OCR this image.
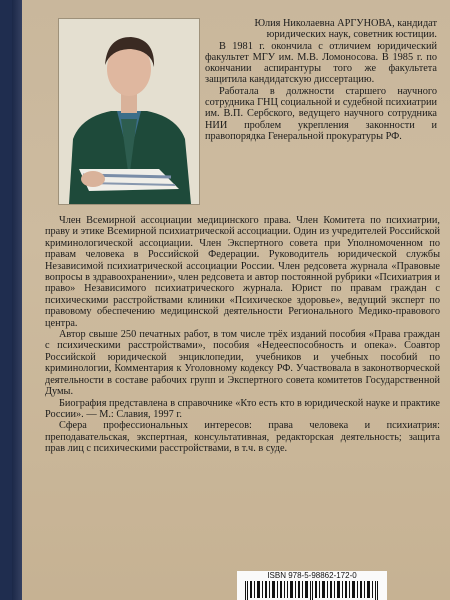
Юлия Николаевна АРГУНОВА, кандидат юридических наук, советник юстиции.

В 1981 г. окончила с отличием юридический факультет МГУ им. М.В. Ломоносова. В 1985 г. по окончании аспирантуры того же факультета защитила кандидатскую диссертацию.

Работала в должности старшего научного сотрудника ГНЦ социальной и судебной психиатрии им. В.П. Сербского, ведущего научного сотрудника НИИ проблем укрепления законности и правопорядка Генеральной прокуратуры РФ.

Член Всемирной ассоциации медицинского права. Член Комитета по психиатрии, праву и этике Всемирной психиатрической ассоциации. Один из учредителей Российской криминологической ассоциации. Член Экспертного совета при Уполномоченном по правам человека в Российской Федерации. Руководитель юридической службы Независимой психиатрической ассоциации России. Член редсовета журнала «Правовые вопросы в здравоохранении», член редсовета и автор постоянной рубрики «Психиатрия и право» Независимого психиатрического журнала. Юрист по правам граждан с психическими расстройствами клиники «Психическое здоровье», ведущий эксперт по правовому обеспечению медицинской деятельности Регионального Медико-правового центра.

Автор свыше 250 печатных работ, в том числе трёх изданий пособия «Права граждан с психическими расстройствами», пособия «Недееспособность и опека». Соавтор Российской юридической энциклопедии, учебников и учебных пособий по криминологии, Комментария к Уголовному кодексу РФ. Участвовала в законотворческой деятельности в составе рабочих групп и Экспертного совета комитетов Государственной Думы.

Биография представлена в справочнике «Кто есть кто в юридической науке и практике России». — М.: Славия, 1997 г.

Сфера профессиональных интересов: права человека и психиатрия: преподавательская, экспертная, консультативная, редакторская деятельность; защита прав лиц с психическими расстройствами, в т.ч. в суде.

ISBN 978-5-98862-172-0
